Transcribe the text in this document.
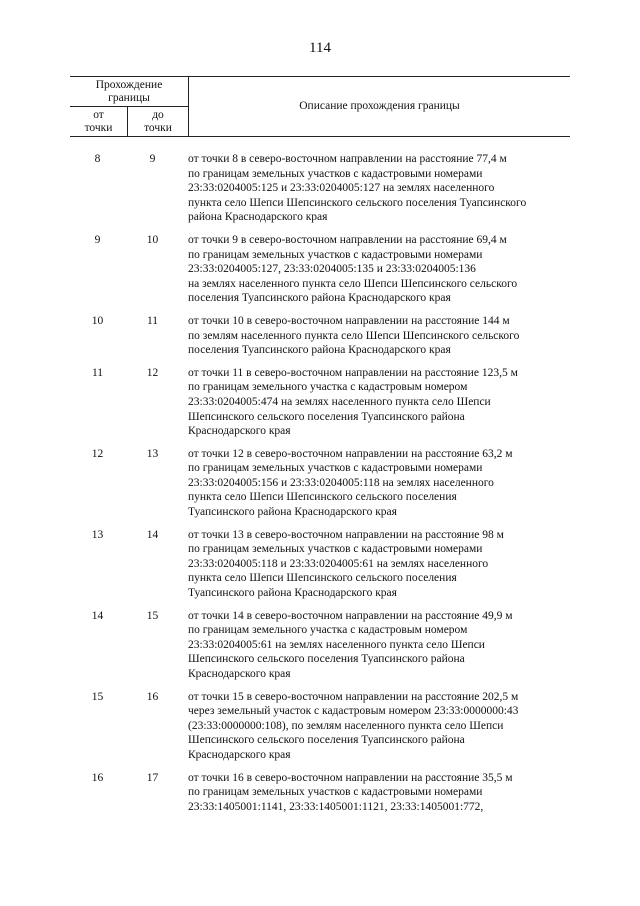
114
Прохождение
границы
от
точки
до
точки
Описание прохождения границы
8	9	от точки 8 в северо-восточном направлении на расстояние 77,4 м
по границам земельных участков с кадастровыми номерами
23:33:0204005:125 и 23:33:0204005:127 на землях населенного
пункта село Шепси Шепсинского сельского поселения Туапсинского
района Краснодарского края
9	10	от точки 9 в северо-восточном направлении на расстояние 69,4 м
по границам земельных участков с кадастровыми номерами
23:33:0204005:127, 23:33:0204005:135 и 23:33:0204005:136
на землях населенного пункта село Шепси Шепсинского сельского
поселения Туапсинского района Краснодарского края
10	11	от точки 10 в северо-восточном направлении на расстояние 144 м
по землям населенного пункта село Шепси Шепсинского сельского
поселения Туапсинского района Краснодарского края
11	12	от точки 11 в северо-восточном направлении на расстояние 123,5 м
по границам земельного участка с кадастровым номером
23:33:0204005:474 на землях населенного пункта село Шепси
Шепсинского сельского поселения Туапсинского района
Краснодарского края
12	13	от точки 12 в северо-восточном направлении на расстояние 63,2 м
по границам земельных участков с кадастровыми номерами
23:33:0204005:156 и 23:33:0204005:118 на землях населенного
пункта село Шепси Шепсинского сельского поселения
Туапсинского района Краснодарского края
13	14	от точки 13 в северо-восточном направлении на расстояние 98 м
по границам земельных участков с кадастровыми номерами
23:33:0204005:118 и 23:33:0204005:61 на землях населенного
пункта село Шепси Шепсинского сельского поселения
Туапсинского района Краснодарского края
14	15	от точки 14 в северо-восточном направлении на расстояние 49,9 м
по границам земельного участка с кадастровым номером
23:33:0204005:61 на землях населенного пункта село Шепси
Шепсинского сельского поселения Туапсинского района
Краснодарского края
15	16	от точки 15 в северо-восточном направлении на расстояние 202,5 м
через земельный участок с кадастровым номером 23:33:0000000:43
(23:33:0000000:108), по землям населенного пункта село Шепси
Шепсинского сельского поселения Туапсинского района
Краснодарского края
16	17	от точки 16 в северо-восточном направлении на расстояние 35,5 м
по границам земельных участков с кадастровыми номерами
23:33:1405001:1141, 23:33:1405001:1121, 23:33:1405001:772,
